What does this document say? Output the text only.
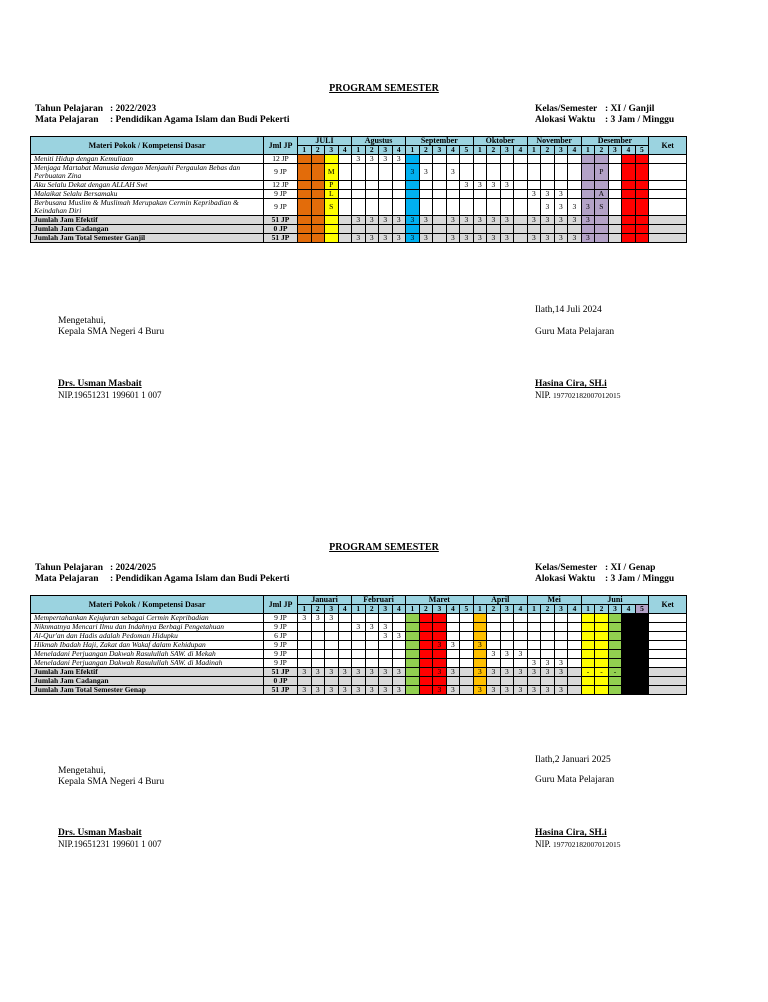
PROGRAM SEMESTER
Tahun Pelajaran : 2022/2023
Mata Pelajaran : Pendidikan Agama Islam dan Budi Pekerti
Kelas/Semester : XI / Ganjil
Alokasi Waktu : 3 Jam / Minggu
Materi Pokok / Kompetensi Dasar	Jml JP	JULI				Agustus				September					Oktober				November				Desember					Ket
		1	2	3	4	1	2	3	4	1	2	3	4	5	1	2	3	4	1	2	3	4	1	2	3	4	5	
Meniti Hidup dengan Kemuliaan	12 JP					3	3	3	3																			
Menjaga Martabat Manusia dengan Menjauhi Pergaulan Bebas dan Perbuatan Zina	9 JP			M						3	3		3											P				
Aku Selalu Dekat dengan ALLAH Swt	12 JP			P										3	3	3	3											
Malaikat Selalu Bersamaku	9 JP			L															3	3	3			A				
Berbusana Muslim & Muslimah Merupakan Cermin Kepribadian & Keindahan Diri	9 JP			S																3	3	3	3	S				
Jumlah Jam Efektif	51 JP					3	3	3	3	3	3		3	3	3	3	3		3	3	3	3	3					
Jumlah Jam Cadangan	0 JP																											
Jumlah Jam Total Semester Ganjil	51 JP					3	3	3	3	3	3		3	3	3	3	3		3	3	3	3	3					
Ilath,14 Juli 2024
Mengetahui,
Kepala SMA Negeri 4 Buru	Guru Mata Pelajaran
Drs. Usman Masbait
NIP.19651231 199601 1 007
Hasina Cira, SH.i
NIP. 197702182007012015
PROGRAM SEMESTER
Tahun Pelajaran : 2024/2025
Mata Pelajaran : Pendidikan Agama Islam dan Budi Pekerti
Kelas/Semester : XI / Genap
Alokasi Waktu : 3 Jam / Minggu
Materi Pokok / Kompetensi Dasar	Jml JP	Januari				Februari				Maret					April				Mei				Juni					Ket
		1	2	3	4	1	2	3	4	1	2	3	4	5	1	2	3	4	1	2	3	4	1	2	3	4	5	
Mempertahankan Kejujuran sebagai Cermin Kepribadian	9 JP	3	3	3																								
Niknmatnya Mencari Ilmu dan Indahnya Berbagi Pengetahuan	9 JP					3	3	3																				
Al-Qur'an dan Hadis adalah Pedoman Hidupku	6 JP							3	3																			
Hikmah Ibadah Haji, Zakat dan Wakaf dalam Kehidupan	9 JP											3	3		3													
Meneladani Perjuangan Dakwah Rasulullah SAW. di Mekah	9 JP															3	3	3										
Meneladani Perjuangan Dakwah Rasulullah SAW. di Madinah	9 JP																		3	3	3							
Jumlah Jam Efektif	51 JP	3	3	3	3	3	3	3	3			3	3		3	3	3	3	3	3	3		-	-	-			
Jumlah Jam Cadangan	0 JP																											
Jumlah Jam Total Semester Genap	51 JP	3	3	3	3	3	3	3	3			3	3		3	3	3	3	3	3	3							
Ilath,2 Januari 2025
Mengetahui,
Kepala SMA Negeri 4 Buru	Guru Mata Pelajaran
Drs. Usman Masbait
NIP.19651231 199601 1 007
Hasina Cira, SH.i
NIP. 197702182007012015
